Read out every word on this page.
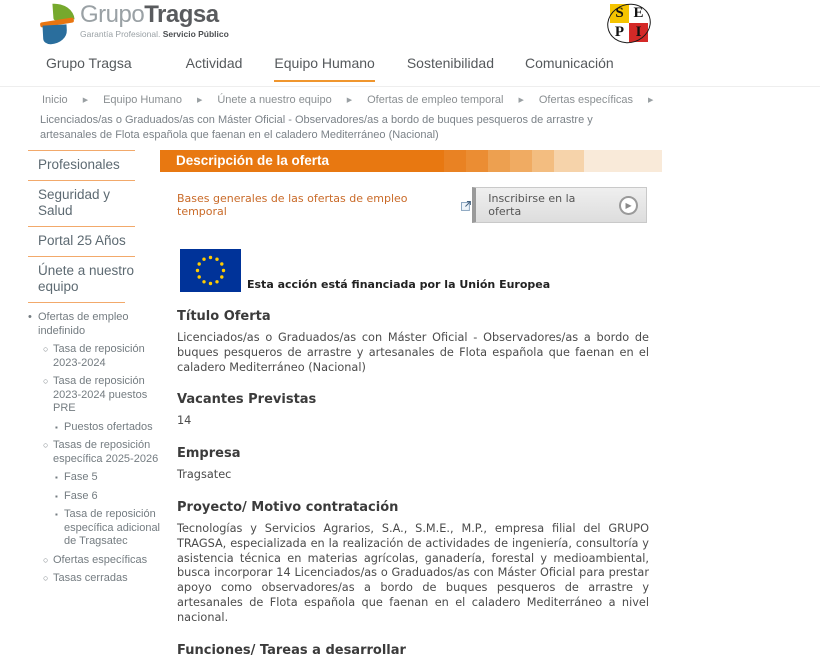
GrupoTragsa
Garantía Profesional. Servicio Público
S E
P I
Grupo Tragsa	Actividad Equipo Humano Sostenibilidad Comunicación
Inicio ▶ Equipo Humano ▶ Únete a nuestro equipo ▶ Ofertas de empleo temporal ▶ Ofertas específicas ▶
Licenciados/as o Graduados/as con Máster Oficial - Observadores/as a bordo de buques pesqueros de arrastre y artesanales de Flota española que faenan en el caladero Mediterráneo (Nacional)
Profesionales
Seguridad y Salud
Portal 25 Años
Únete a nuestro equipo
• Ofertas de empleo indefinido
○ Tasa de reposición 2023-2024
○ Tasa de reposición 2023-2024 puestos PRE
▪ Puestos ofertados
○ Tasas de reposición específica 2025-2026
▪ Fase 5
▪ Fase 6
▪ Tasa de reposición específica adicional de Tragsatec
○ Ofertas específicas
○ Tasas cerradas
Descripción de la oferta
Bases generales de las ofertas de empleo temporal
Inscribirse en la oferta	▶
Esta acción está financiada por la Unión Europea
Título Oferta

Licenciados/as o Graduados/as con Máster Oficial - Observadores/as a bordo de buques pesqueros de arrastre y artesanales de Flota española que faenan en el caladero Mediterráneo (Nacional)

Vacantes Previstas

14

Empresa

Tragsatec

Proyecto/ Motivo contratación

Tecnologías y Servicios Agrarios, S.A., S.M.E., M.P., empresa filial del GRUPO TRAGSA, especializada en la realización de actividades de ingeniería, consultoría y asistencia técnica en materias agrícolas, ganadería, forestal y medioambiental, busca incorporar 14 Licenciados/as o Graduados/as con Máster Oficial para prestar apoyo como observadores/as a bordo de buques pesqueros de arrastre y artesanales de Flota española que faenan en el caladero Mediterráneo a nivel nacional.

Funciones/ Tareas a desarrollar
